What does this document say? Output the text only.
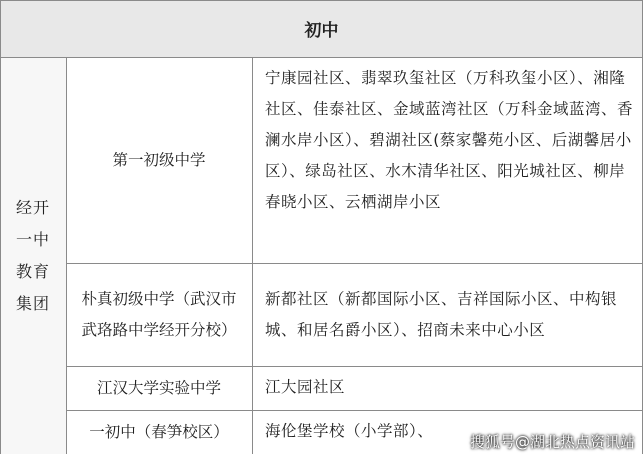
初中
经开一中教育集团
第一初级中学
宁康园社区、翡翠玖玺社区（万科玖玺小区）、湘隆社区、佳泰社区、金域蓝湾社区（万科金域蓝湾、香澜水岸小区）、碧湖社区(蔡家馨苑小区、后湖馨居小区）、绿岛社区、水木清华社区、阳光城社区、柳岸春晓小区、云栖湖岸小区
朴真初级中学（武汉市武珞路中学经开分校）
新都社区（新都国际小区、吉祥国际小区、中构银城、和居名爵小区）、招商未来中心小区
江汉大学实验中学	江大园社区
一初中（春笋校区）	海伦堡学校（小学部）、
搜狐号@湖北热点资讯站
